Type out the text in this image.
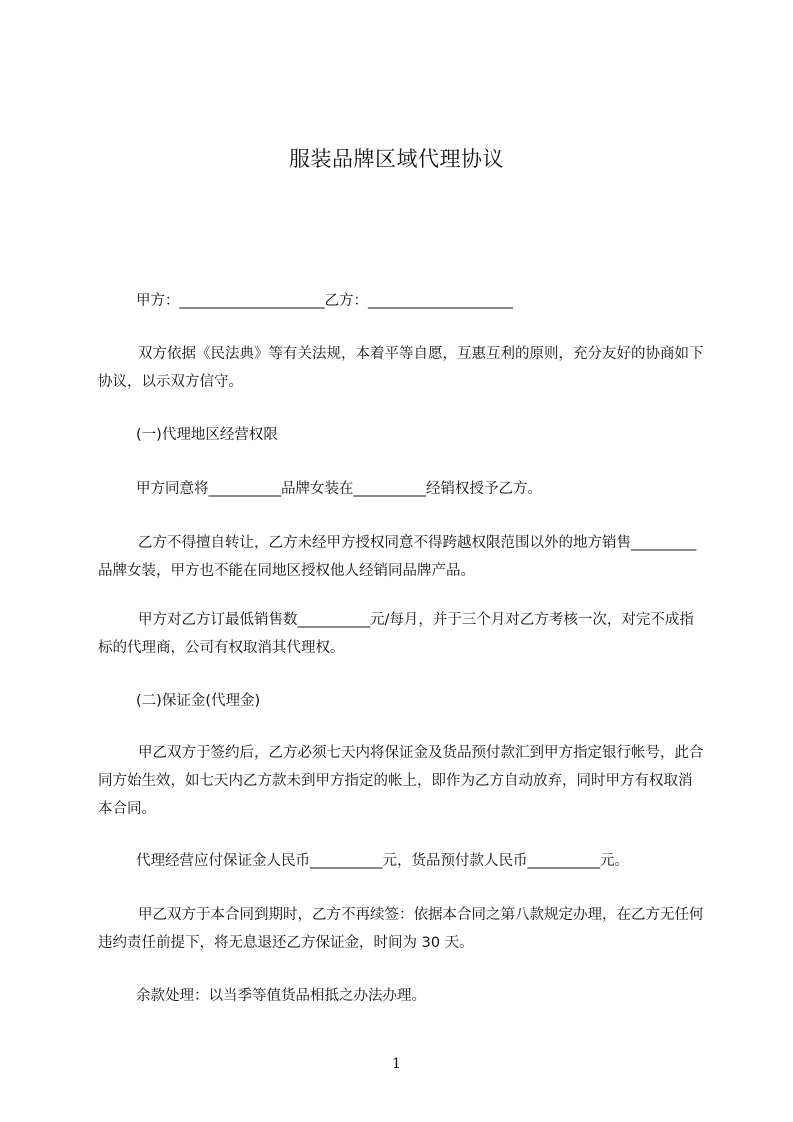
服装品牌区域代理协议
甲方：____________________乙方：____________________
双方依据《民法典》等有关法规，本着平等自愿，互惠互利的原则，充分友好的协商如下协议，以示双方信守。
(一)代理地区经营权限
甲方同意将__________品牌女装在__________经销权授予乙方。
乙方不得擅自转让，乙方未经甲方授权同意不得跨越权限范围以外的地方销售_________品牌女装，甲方也不能在同地区授权他人经销同品牌产品。
甲方对乙方订最低销售数__________元/每月，并于三个月对乙方考核一次，对完不成指标的代理商，公司有权取消其代理权。
(二)保证金(代理金)
甲乙双方于签约后，乙方必须七天内将保证金及货品预付款汇到甲方指定银行帐号，此合同方始生效，如七天内乙方款未到甲方指定的帐上，即作为乙方自动放弃，同时甲方有权取消本合同。
代理经营应付保证金人民币__________元，货品预付款人民币__________元。
甲乙双方于本合同到期时，乙方不再续签：依据本合同之第八款规定办理，在乙方无任何违约责任前提下，将无息退还乙方保证金，时间为 30 天。
余款处理：以当季等值货品相抵之办法办理。
1
